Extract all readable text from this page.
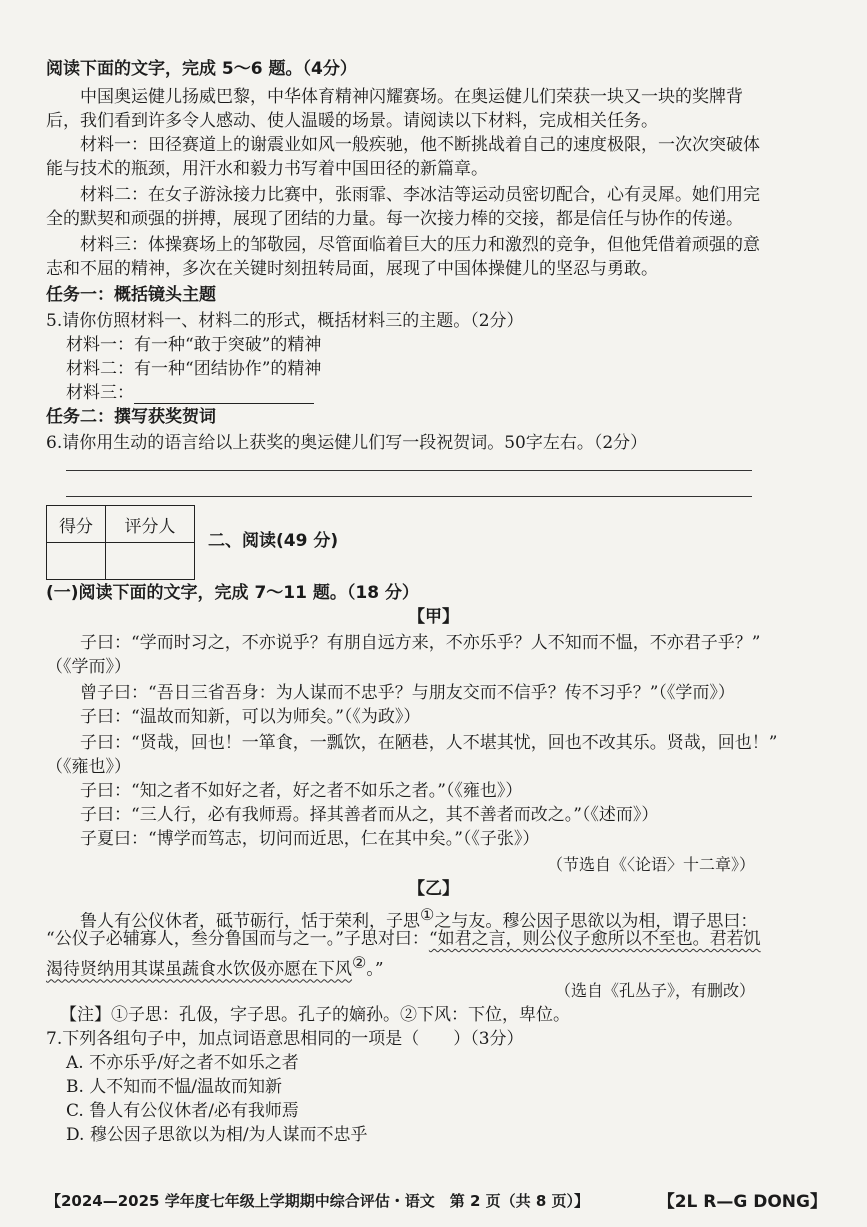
阅读下面的文字，完成 5～6 题。（4分）
中国奥运健儿扬威巴黎，中华体育精神闪耀赛场。在奥运健儿们荣获一块又一块的奖牌背
后，我们看到许多令人感动、使人温暖的场景。请阅读以下材料，完成相关任务。
材料一：田径赛道上的谢震业如风一般疾驰，他不断挑战着自己的速度极限，一次次突破体
能与技术的瓶颈，用汗水和毅力书写着中国田径的新篇章。
材料二：在女子游泳接力比赛中，张雨霏、李冰洁等运动员密切配合，心有灵犀。她们用完
全的默契和顽强的拼搏，展现了团结的力量。每一次接力棒的交接，都是信任与协作的传递。
材料三：体操赛场上的邹敬园，尽管面临着巨大的压力和激烈的竞争，但他凭借着顽强的意
志和不屈的精神，多次在关键时刻扭转局面，展现了中国体操健儿的坚忍与勇敢。
任务一：概括镜头主题
5.请你仿照材料一、材料二的形式，概括材料三的主题。（2分）
材料一：有一种“敢于突破”的精神
材料二：有一种“团结协作”的精神
材料三：
任务二：撰写获奖贺词
6.请你用生动的语言给以上获奖的奥运健儿们写一段祝贺词。50字左右。（2分）
得分	评分人

二、阅读(49 分)
(一)阅读下面的文字，完成 7～11 题。（18 分）
【甲】
子曰：“学而时习之，不亦说乎？有朋自远方来，不亦乐乎？人不知而不愠，不亦君子乎？”
（《学而》）
曾子曰：“吾日三省吾身：为人谋而不忠乎？与朋友交而不信乎？传不习乎？”（《学而》）
子曰：“温故而知新，可以为师矣。”（《为政》）
子曰：“贤哉，回也！一箪食，一瓢饮，在陋巷，人不堪其忧，回也不改其乐。贤哉，回也！”
（《雍也》）
子曰：“知之者不如好之者，好之者不如乐之者。”（《雍也》）
子曰：“三人行，必有我师焉。择其善者而从之，其不善者而改之。”（《述而》）
子夏曰：“博学而笃志，切问而近思，仁在其中矣。”（《子张》）
（节选自《〈论语〉十二章》）
【乙】
鲁人有公仪休者，砥节砺行，恬于荣利，子思①之与友。穆公因子思欲以为相，谓子思曰：
“公仪子必辅寡人，叁分鲁国而与之一。”子思对曰：“如君之言，则公仪子愈所以不至也。君若饥
渴待贤纳用其谋虽蔬食水饮伋亦愿在下风②。”
（选自《孔丛子》，有删改）
【注】①子思：孔伋，字子思。孔子的嫡孙。②下风：下位，卑位。
7.下列各组句子中，加点词语意思相同的一项是（　　）（3分）
A. 不亦乐乎/好之者不如乐之者
B. 人不知而不愠/温故而知新
C. 鲁人有公仪休者/必有我师焉
D. 穆公因子思欲以为相/为人谋而不忠乎
【2024—2025 学年度七年级上学期期中综合评估・语文　第 2 页（共 8 页）】	【2L R—G DONG】
